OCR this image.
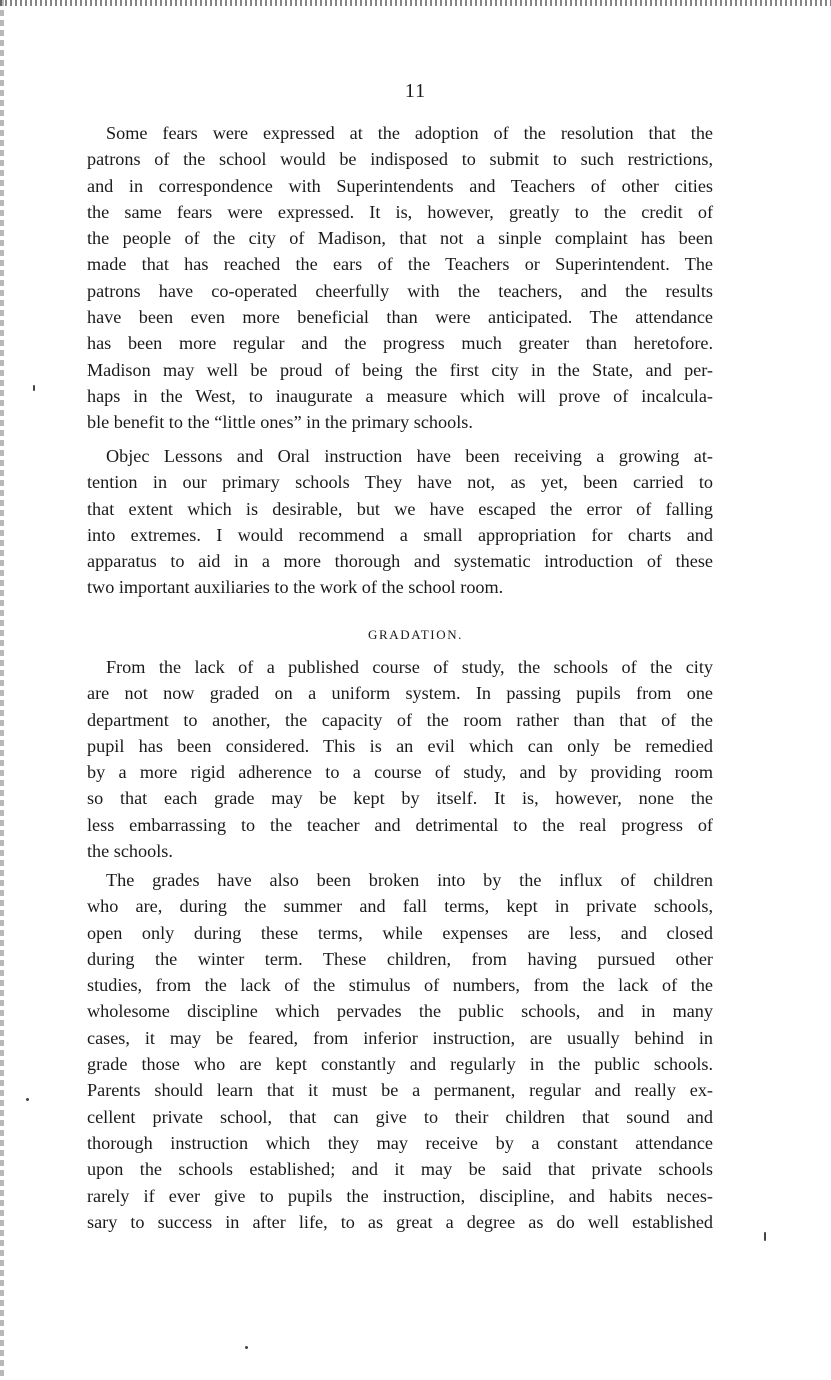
11
Some fears were expressed at the adoption of the resolution that the
patrons of the school would be indisposed to submit to such restrictions,
and in correspondence with Superintendents and Teachers of other cities
the same fears were expressed. It is, however, greatly to the credit of
the people of the city of Madison, that not a sinple complaint has been
made that has reached the ears of the Teachers or Superintendent. The
patrons have co-operated cheerfully with the teachers, and the results
have been even more beneficial than were anticipated. The attendance
has been more regular and the progress much greater than heretofore.
Madison may well be proud of being the first city in the State, and per-
haps in the West, to inaugurate a measure which will prove of incalcula-
ble benefit to the “little ones” in the primary schools.
Objec Lessons and Oral instruction have been receiving a growing at-
tention in our primary schools They have not, as yet, been carried to
that extent which is desirable, but we have escaped the error of falling
into extremes. I would recommend a small appropriation for charts and
apparatus to aid in a more thorough and systematic introduction of these
two important auxiliaries to the work of the school room.
GRADATION.
From the lack of a published course of study, the schools of the city
are not now graded on a uniform system. In passing pupils from one
department to another, the capacity of the room rather than that of the
pupil has been considered. This is an evil which can only be remedied
by a more rigid adherence to a course of study, and by providing room
so that each grade may be kept by itself. It is, however, none the
less embarrassing to the teacher and detrimental to the real progress of
the schools.
The grades have also been broken into by the influx of children
who are, during the summer and fall terms, kept in private schools,
open only during these terms, while expenses are less, and closed
during the winter term. These children, from having pursued other
studies, from the lack of the stimulus of numbers, from the lack of the
wholesome discipline which pervades the public schools, and in many
cases, it may be feared, from inferior instruction, are usually behind in
grade those who are kept constantly and regularly in the public schools.
Parents should learn that it must be a permanent, regular and really ex-
cellent private school, that can give to their children that sound and
thorough instruction which they may receive by a constant attendance
upon the schools established; and it may be said that private schools
rarely if ever give to pupils the instruction, discipline, and habits neces-
sary to success in after life, to as great a degree as do well established
